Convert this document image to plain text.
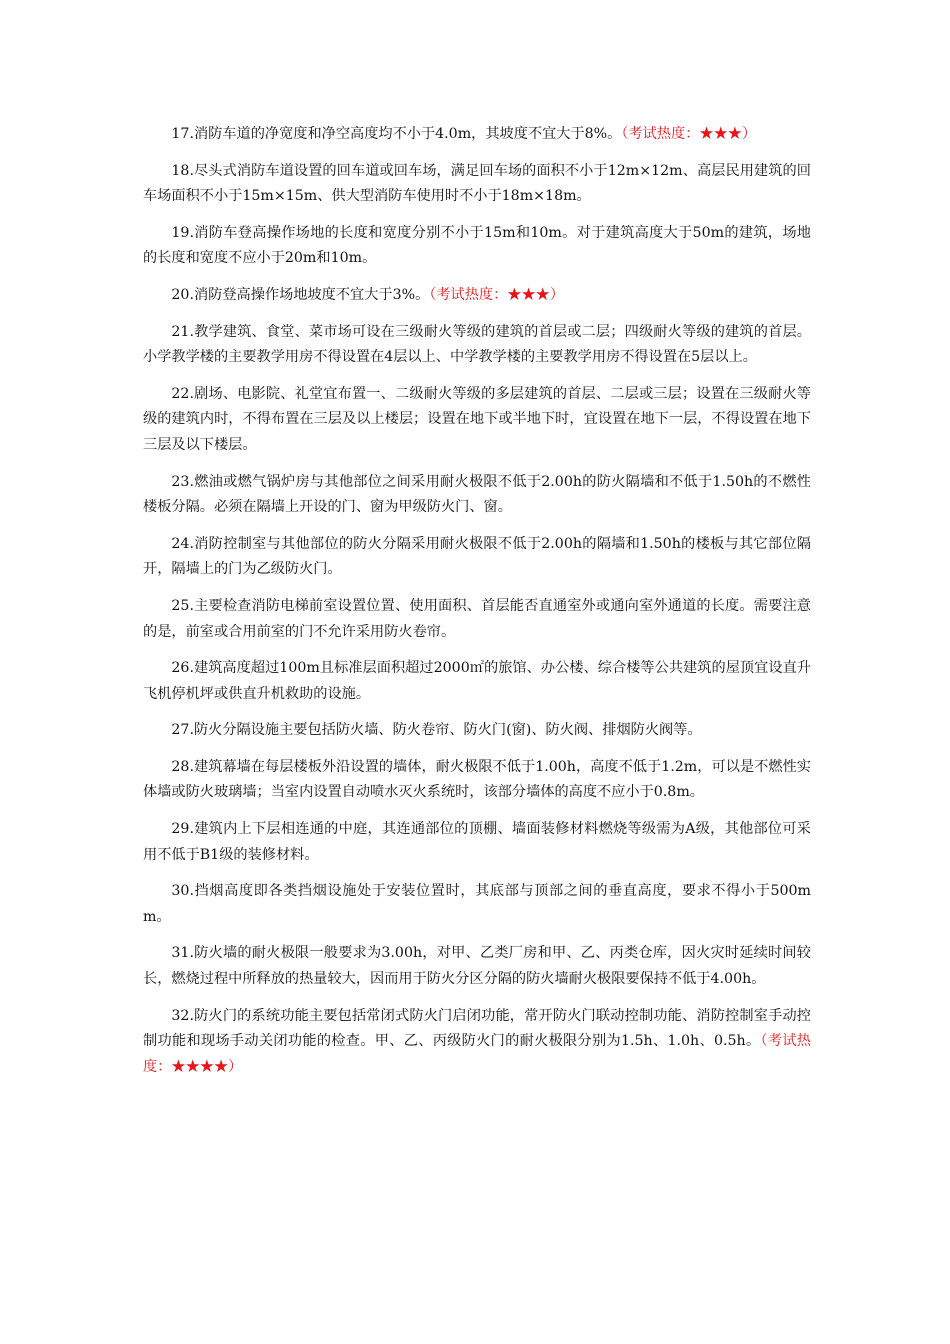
17.消防车道的净宽度和净空高度均不小于4.0m，其坡度不宜大于8%。（考试热度：★★★）

18.尽头式消防车道设置的回车道或回车场，满足回车场的面积不小于12m×12m、高层民用建筑的回车场面积不小于15m×15m、供大型消防车使用时不小于18m×18m。

19.消防车登高操作场地的长度和宽度分别不小于15m和10m。对于建筑高度大于50m的建筑，场地的长度和宽度不应小于20m和10m。

20.消防登高操作场地坡度不宜大于3%。（考试热度：★★★）

21.教学建筑、食堂、菜市场可设在三级耐火等级的建筑的首层或二层；四级耐火等级的建筑的首层。小学教学楼的主要教学用房不得设置在4层以上、中学教学楼的主要教学用房不得设置在5层以上。

22.剧场、电影院、礼堂宜布置一、二级耐火等级的多层建筑的首层、二层或三层；设置在三级耐火等级的建筑内时，不得布置在三层及以上楼层；设置在地下或半地下时，宜设置在地下一层，不得设置在地下三层及以下楼层。

23.燃油或燃气锅炉房与其他部位之间采用耐火极限不低于2.00h的防火隔墙和不低于1.50h的不燃性楼板分隔。必须在隔墙上开设的门、窗为甲级防火门、窗。

24.消防控制室与其他部位的防火分隔采用耐火极限不低于2.00h的隔墙和1.50h的楼板与其它部位隔开，隔墙上的门为乙级防火门。

25.主要检查消防电梯前室设置位置、使用面积、首层能否直通室外或通向室外通道的长度。需要注意的是，前室或合用前室的门不允许采用防火卷帘。

26.建筑高度超过100m且标准层面积超过2000㎡的旅馆、办公楼、综合楼等公共建筑的屋顶宜设直升飞机停机坪或供直升机救助的设施。

27.防火分隔设施主要包括防火墙、防火卷帘、防火门(窗)、防火阀、排烟防火阀等。

28.建筑幕墙在每层楼板外沿设置的墙体，耐火极限不低于1.00h，高度不低于1.2m，可以是不燃性实体墙或防火玻璃墙；当室内设置自动喷水灭火系统时，该部分墙体的高度不应小于0.8m。

29.建筑内上下层相连通的中庭，其连通部位的顶棚、墙面装修材料燃烧等级需为A级，其他部位可采用不低于B1级的装修材料。

30.挡烟高度即各类挡烟设施处于安装位置时，其底部与顶部之间的垂直高度，要求不得小于500mm。

31.防火墙的耐火极限一般要求为3.00h，对甲、乙类厂房和甲、乙、丙类仓库，因火灾时延续时间较长，燃烧过程中所释放的热量较大，因而用于防火分区分隔的防火墙耐火极限要保持不低于4.00h。

32.防火门的系统功能主要包括常闭式防火门启闭功能，常开防火门联动控制功能、消防控制室手动控制功能和现场手动关闭功能的检查。甲、乙、丙级防火门的耐火极限分别为1.5h、1.0h、0.5h。（考试热度：★★★★）
